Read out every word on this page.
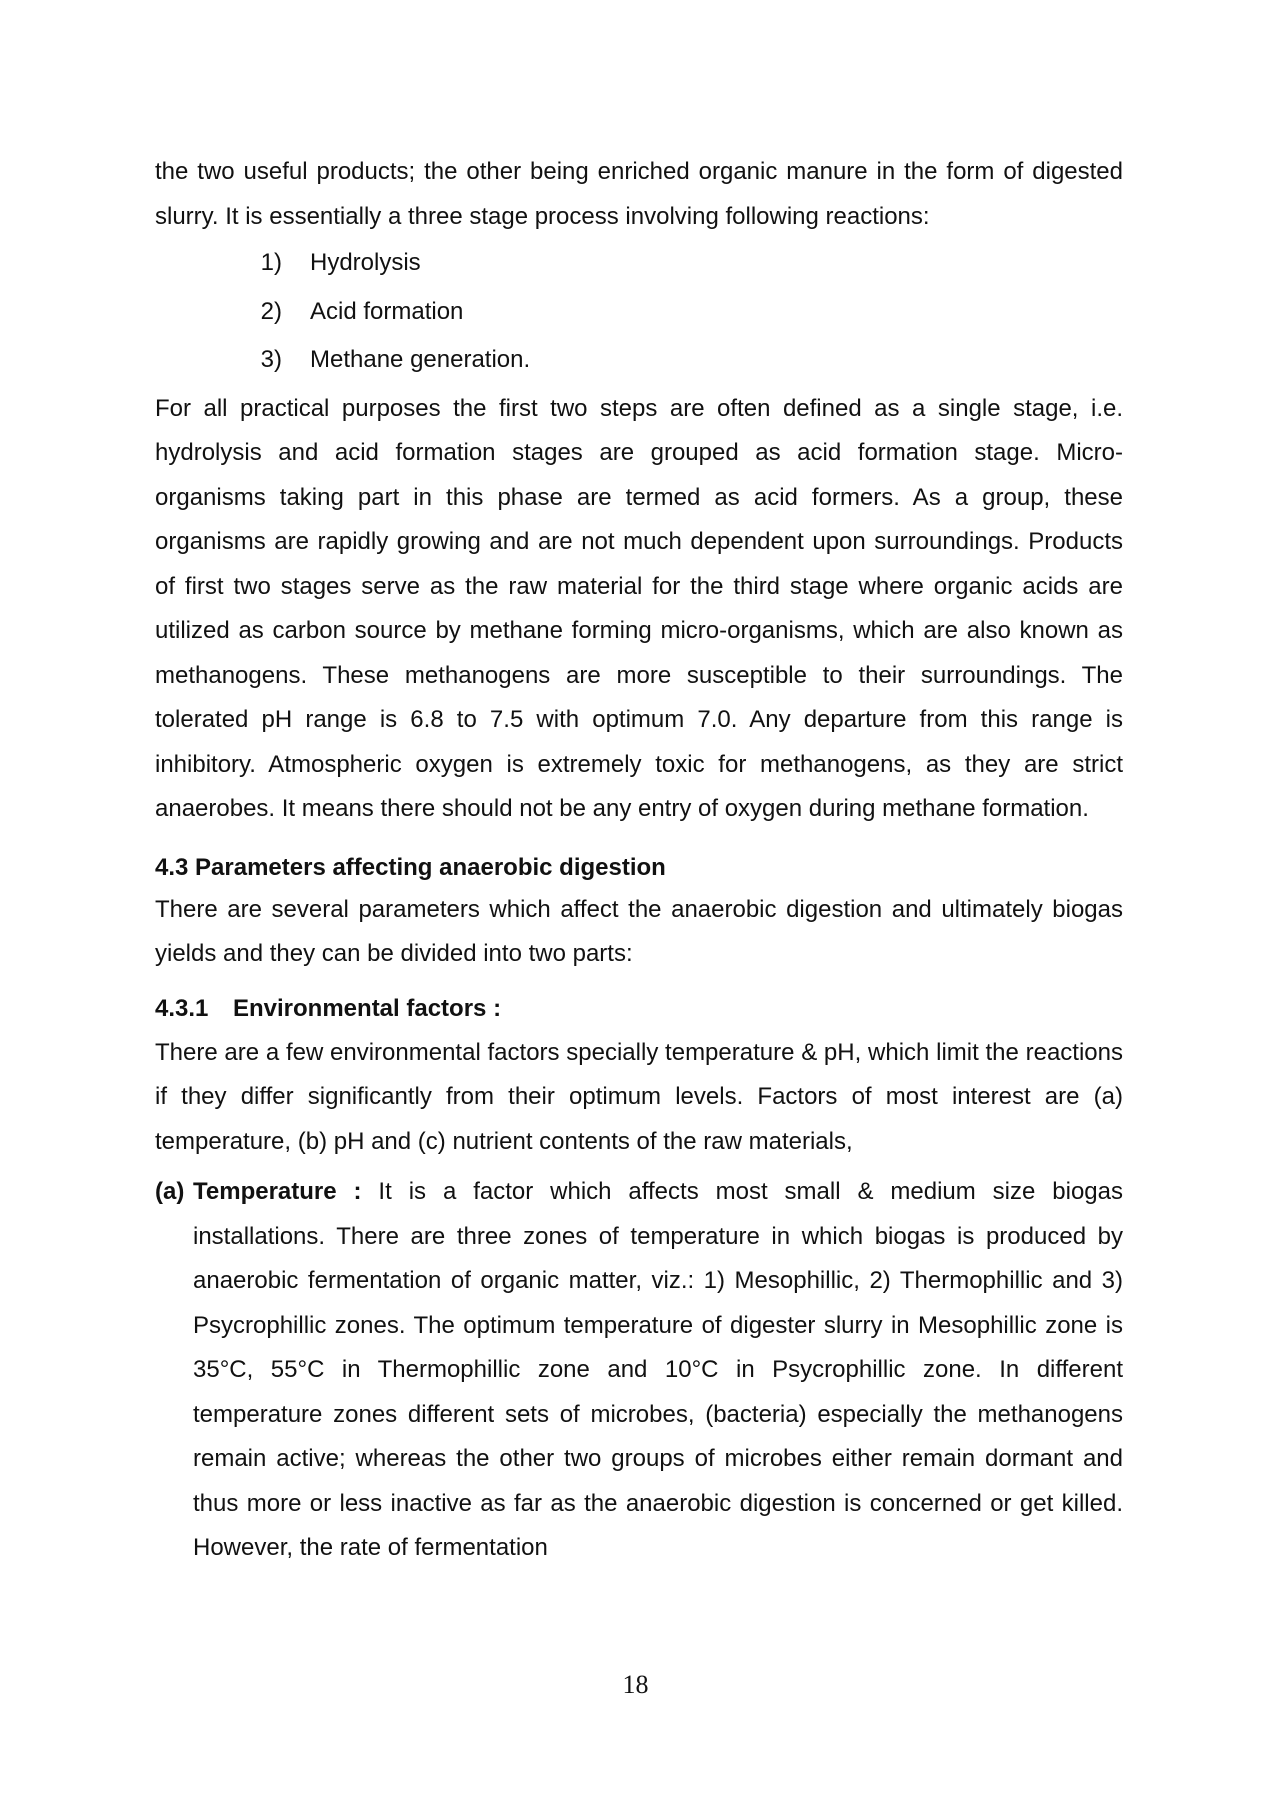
the two useful products; the other being enriched organic manure in the form of digested slurry. It is essentially a three stage process involving following reactions:

1)	Hydrolysis
2)	Acid formation
3)	Methane generation.

For all practical purposes the first two steps are often defined as a single stage, i.e. hydrolysis and acid formation stages are grouped as acid formation stage. Micro-organisms taking part in this phase are termed as acid formers. As a group, these organisms are rapidly growing and are not much dependent upon surroundings. Products of first two stages serve as the raw material for the third stage where organic acids are utilized as carbon source by methane forming micro-organisms, which are also known as methanogens. These methanogens are more susceptible to their surroundings. The tolerated pH range is 6.8 to 7.5 with optimum 7.0. Any departure from this range is inhibitory. Atmospheric oxygen is extremely toxic for methanogens, as they are strict anaerobes. It means there should not be any entry of oxygen during methane formation.

4.3 Parameters affecting anaerobic digestion

There are several parameters which affect the anaerobic digestion and ultimately biogas yields and they can be divided into two parts:

4.3.1	Environmental factors :

There are a few environmental factors specially temperature & pH, which limit the reactions if they differ significantly from their optimum levels. Factors of most interest are (a) temperature, (b) pH and (c) nutrient contents of the raw materials,

(a) Temperature : It is a factor which affects most small & medium size biogas installations. There are three zones of temperature in which biogas is produced by anaerobic fermentation of organic matter, viz.: 1) Mesophillic, 2) Thermophillic and 3) Psycrophillic zones. The optimum temperature of digester slurry in Mesophillic zone is 35°C, 55°C in Thermophillic zone and 10°C in Psycrophillic zone. In different temperature zones different sets of microbes, (bacteria) especially the methanogens remain active; whereas the other two groups of microbes either remain dormant and thus more or less inactive as far as the anaerobic digestion is concerned or get killed. However, the rate of fermentation
18
